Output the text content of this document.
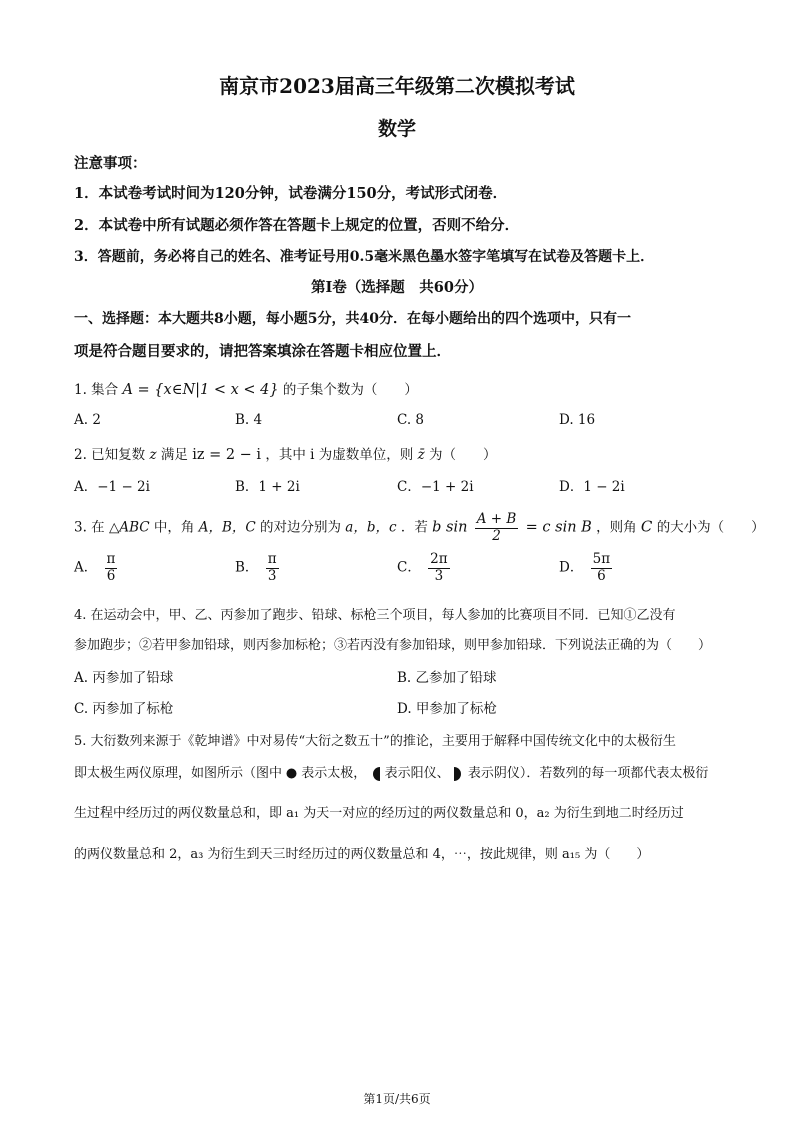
南京市2023届高三年级第二次模拟考试
数学
注意事项：
1．本试卷考试时间为120分钟，试卷满分150分，考试形式闭卷．
2．本试卷中所有试题必须作答在答题卡上规定的位置，否则不给分．
3．答题前，务必将自己的姓名、准考证号用0.5毫米黑色墨水签字笔填写在试卷及答题卡上．
第Ⅰ卷（选择题　共60分）
一、选择题：本大题共8小题，每小题5分，共40分．在每小题给出的四个选项中，只有一
项是符合题目要求的，请把答案填涂在答题卡相应位置上．
1. 集合 A = {x∈N|1 < x < 4} 的子集个数为（　　）
A. 2	B. 4	C. 8	D. 16
2. 已知复数 z 满足 iz = 2 − i ，其中 i 为虚数单位，则 z̄ 为（　　）
A．−1 − 2i	B．1 + 2i	C．−1 + 2i	D．1 − 2i
3. 在 △ABC 中，角 A，B，C 的对边分别为 a，b，c ．若 b $\sin \frac{A + B}{2} = c$ sin B ，则角 C 的大小为（　　）
A． $\frac{\pi}{6}$	B． $\frac{\pi}{3}$	C． $\frac{2\pi}{3}$	D． $\frac{5\pi}{6}$
4. 在运动会中，甲、乙、丙参加了跑步、铅球、标枪三个项目，每人参加的比赛项目不同．已知①乙没有
参加跑步；②若甲参加铅球，则丙参加标枪；③若丙没有参加铅球，则甲参加铅球．下列说法正确的为（　　）
A. 丙参加了铅球	B. 乙参加了铅球
C. 丙参加了标枪	D. 甲参加了标枪
5. 大衍数列来源于《乾坤谱》中对易传“大衍之数五十”的推论，主要用于解释中国传统文化中的太极衍生
即太极生两仪原理，如图所示（图中 表示太极， 表示阳仪、 表示阴仪）．若数列的每一项都代表太极衍
生过程中经历过的两仪数量总和，即 a₁ 为天一对应的经历过的两仪数量总和 0，a₂ 为衍生到地二时经历过
的两仪数量总和 2，a₃ 为衍生到天三时经历过的两仪数量总和 4，⋯，按此规律，则 a₁₅ 为（　　）
第1页/共6页
